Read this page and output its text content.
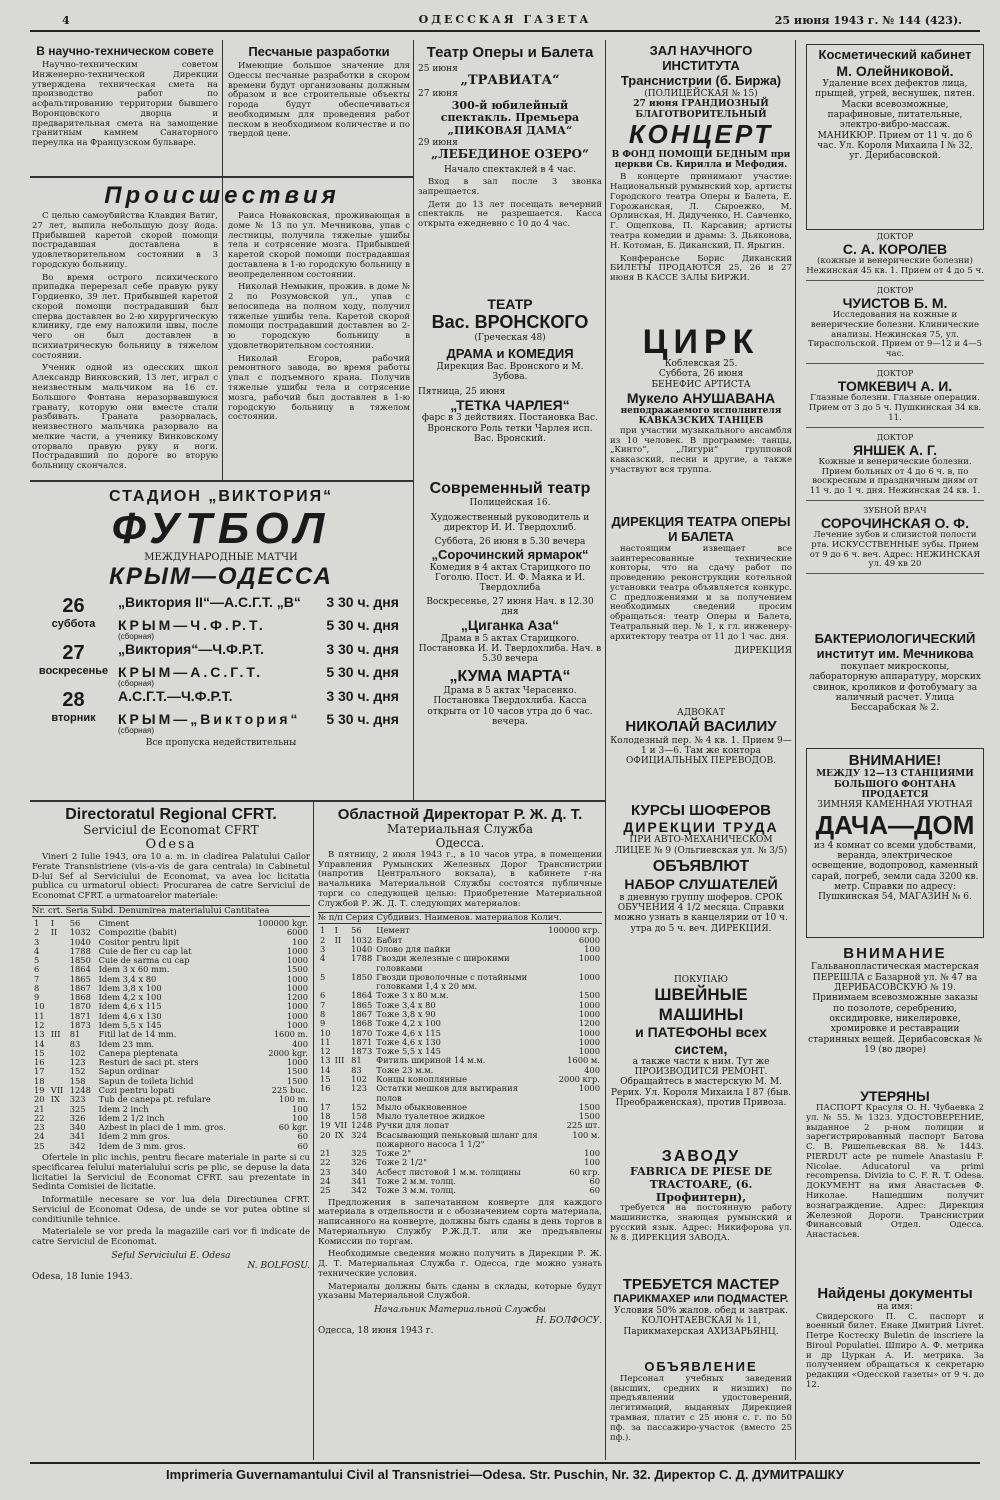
4	ОДЕССКАЯ ГАЗЕТА	25 июня 1943 г. № 144 (423).
В научно-техническом совете

Научно-техническим советом Инженерно-технической Дирекции утверждена техническая смета на производство работ по асфальтированию территории бывшего Воронцовского дворца и предварительная смета на замощение гранитным камнем Санаторного переулка на Французском бульваре.

Происшествия

С целью самоубийства Клавдия Ватиг, 27 лет, выпила небольшую дозу йода. Прибывшей каретой скорой помощи пострадавшая доставлена в удовлетворительном состоянии в 3 городскую больницу.

Во время острого психического припадка перерезал себе правую руку Гордиенко, 39 лет. Прибывшей каретой скорой помощи пострадавший был сперва доставлен во 2-ю хирургическую клинику, где ему наложили швы, после чего он был доставлен в психиатрическую больницу в тяжелом состоянии.

Ученик одной из одесских школ Александр Винковский, 13 лет, играл с неизвестным мальчиком на 16 ст. Большого Фонтана неразорвавшуюся гранату, которую они вместе стали разбивать. Граната разорвалась, неизвестного мальчика разорвало на мелкие части, а ученику Винковскому оторвало правую руку и ноги. Пострадавший по дороге во вторую больницу скончался.

Песчаные разработки

Имеющие большое значение для Одессы песчаные разработки в скором времени будут организованы должным образом и все строительные объекты города будут обеспечиваться необходимым для проведения работ песком в необходимом количестве и по твердой цене.

Раиса Новаковская, проживающая в доме № 13 по ул. Мечникова, упав с лестницы, получила тяжелые ушибы тела и сотрясение мозга. Прибывшей каретой скорой помощи пострадавшая доставлена в 1-ю городскую больницу в неопределенном состоянии.

Николай Немыкин, прожив. в доме № 2 по Розумовской ул., упав с велосипеда на полном ходу, получил тяжелые ушибы тела. Каретой скорой помощи пострадавший доставлен во 2-ю городскую больницу в удовлетворительном состоянии.

Николай Егоров, рабочий ремонтного завода, во время работы упал с подъемного крана. Получив тяжелые ушибы тела и сотрясение мозга, рабочий был доставлен в 1-ю городскую больницу в тяжелом состоянии.

СТАДИОН „ВИКТОРИЯ“
ФУТБОЛ
МЕЖДУНАРОДНЫЕ МАТЧИ
КРЫМ—ОДЕССА
26	„Виктория II“—А.С.Г.Т. „В“	3 30 ч. дня
суббота	КРЫМ—Ч.Ф.Р.Т.	5 30 ч. дня
	(сборная)	
27	„Виктория“—Ч.Ф.Р.Т.	3 30 ч. дня
воскресенье	КРЫМ—А.С.Г.Т.	5 30 ч. дня
	(сборная)	
28	А.С.Г.Т.—Ч.Ф.Р.Т.	3 30 ч. дня
вторник	КРЫМ—„Виктория“	5 30 ч. дня
	(сборная)	
Все пропуска недействительны
Театр Оперы и Балета
25 июня
„ТРАВИАТА“
27 июня
300-й юбилейный спектакль. Премьера „ПИКОВАЯ ДАМА“
29 июня
„ЛЕБЕДИНОЕ ОЗЕРО“
Начало спектаклей в 4 час.

Вход в зал после 3 звонка запрещается.

Дети до 13 лет посещать вечерний спектакль не разрешается. Касса открыта ежедневно с 10 до 4 час.

ТЕАТР
Вас. ВРОНСКОГО
(Греческая 48)
ДРАМА и КОМЕДИЯ
Дирекция Вас. Вронского и М. Зубова.
Пятница, 25 июня
„ТЕТКА ЧАРЛЕЯ“
фарс в 3 действиях. Постановка Вас. Вронского Роль тетки Чарлея исп. Вас. Вронский.
Современный театр
Полицейская 16.
Художественный руководитель и директор И. И. Твердохлиб.
Суббота, 26 июня в 5.30 вечера
„Сорочинский ярмарок“
Комедия в 4 актах Старицкого по Гоголю. Пост. И. Ф. Маяка и И. Твердохлиба
Воскресенье, 27 июня Нач. в 12.30 дня
„Циганка Аза“
Драма в 5 актах Старицкого. Постановка И. И. Твердохлиба. Нач. в 5.30 вечера
„КУМА МАРТА“
Драма в 5 актах Черасенко. Постановка Твердохлиба. Касса открыта от 10 часов утра до 6 час. вечера.
ЗАЛ НАУЧНОГО ИНСТИТУТА
Транснистрии (б. Биржа)
(ПОЛИЦЕЙСКАЯ № 15)
27 июня ГРАНДИОЗНЫЙ БЛАГОТВОРИТЕЛЬНЫЙ
КОНЦЕРТ
В ФОНД ПОМОЩИ БЕДНЫМ при церкви Св. Кирилла и Мефодия.

В концерте принимают участие: Национальный румынский хор, артисты Городского театра Оперы и Балета, Е. Горожанская, Л. Сыроежко, М. Орлинская, Н. Дидученко, Н. Савченко, Г. Ощепкова, П. Карсавин; артисты театра комедии и драмы: З. Дьяконова, Н. Котоман, Б. Диканский, П. Ярыгин.

Конферансье Борис Диканский БИЛЕТЫ ПРОДАЮТСЯ 25, 26 и 27 июня В КАССЕ ЗАЛЫ БИРЖИ.

ЦИРК
Коблевская 25.
Суббота, 26 июня
БЕНЕФИС АРТИСТА
Мукело АНУШАВАНА
неподражаемого исполнителя КАВКАЗСКИХ ТАНЦЕВ

при участии музыкального ансамбля из 10 человек. В программе: танцы, „Кинто“, „Лигури“ групповой кавказский, песни и другие, а также участвуют вся труппа.

ДИРЕКЦИЯ ТЕАТРА ОПЕРЫ И БАЛЕТА

настоящим извещает все заинтересованные технические конторы, что на сдачу работ по проведению реконструкции котельной установки театра объявляется конкурс. С предложениями и за получением необходимых сведений просим обращаться: театр Оперы и Балета, Театральный пер. № 1, к гл. инженеру-архитектору театра от 11 до 1 час. дня.

ДИРЕКЦИЯ
АДВОКАТ
НИКОЛАЙ ВАСИЛИУ
Колодезный пер. № 4 кв. 1. Прием 9—1 и 3—6. Там же контора ОФИЦИАЛЬНЫХ ПЕРЕВОДОВ.
КУРСЫ ШОФЕРОВ
ДИРЕКЦИИ ТРУДА
ПРИ АВТО-МЕХАНИЧЕСКОМ ЛИЦЕЕ № 9 (Ольгиевская ул. № 3/5)
ОБЪЯВЛЮТ
НАБОР СЛУШАТЕЛЕЙ
в дневную группу шоферов. СРОК ОБУЧЕНИЯ 4 1/2 месяца. Справки можно узнать в канцелярии от 10 ч. утра до 5 ч. веч. ДИРЕКЦИЯ.
ПОКУПАЮ
ШВЕЙНЫЕ МАШИНЫ
и ПАТЕФОНЫ всех систем,
а также части к ним. Тут же ПРОИЗВОДИТСЯ РЕМОНТ. Обращайтесь в мастерскую М. М. Рерих. Ул. Короля Михаила I 87 (быв. Преображенская), против Привоза.
ЗАВОДУ
FABRICA DE PIESE DE TRACTOARE, (6. Профинтерн),

требуется на постоянную работу машинистка, знающая румынский и русский язык. Адрес: Никифорова ул. № 8. ДИРЕКЦИЯ ЗАВОДА.

ТРЕБУЕТСЯ МАСТЕР
ПАРИКМАХЕР или ПОДМАСТЕР.
Условия 50% жалов. обед и завтрак. КОЛОНТАЕВСКАЯ № 11, Парикмахерская АХИЗАРЬЯНЦ.
ОБЪЯВЛЕНИЕ

Персонал учебных заведений (высших, средних и низших) по предъявлении удостоверений, легитимаций, выданных Дирекцией трамвая, платит с 25 июня с. г. по 50 пф. за пассажиро-участок (вместо 25 пф.).

Косметический кабинет
М. Олейниковой.
Удаление всех дефектов лица, прыщей, угрей, веснушек, пятен. Маски всевозможные, парафиновые, питательные, электро-вибро-массаж. МАНИКЮР. Прием от 11 ч. до 6 час. Ул. Короля Михаила I № 32, уг. Дерибасовской.
ДОКТОР
С. А. КОРОЛЕВ
(кожные и венерические болезни) Нежинская 45 кв. 1. Прием от 4 до 5 ч.
ДОКТОР
ЧУИСТОВ Б. М.
Исследования на кожные и венерические болезни. Клинические анализы. Нежинская 75, ул. Тираспольской. Прием от 9—12 и 4—5 час.
ДОКТОР
ТОМКЕВИЧ А. И.
Глазные болезни. Глазные операции. Прием от 3 до 5 ч. Пушкинская 34 кв. 11.
ДОКТОР
ЯНШЕК А. Г.
Кожные и венерические болезни. Прием больных от 4 до 6 ч. в, по воскресным и праздничным дням от 11 ч. до 1 ч. дня. Нежинская 24 кв. 1.
ЗУБНОЙ ВРАЧ
СОРОЧИНСКАЯ О. Ф.
Лечение зубов и слизистой полости рта. ИСКУССТВЕННЫЕ зубы. Прием от 9 до 6 ч. веч. Адрес: НЕЖИНСКАЯ ул. 49 кв 20
БАКТЕРИОЛОГИЧЕСКИЙ
институт им. Мечникова
покупает микроскопы, лабораторную аппаратуру, морских свинок, кроликов и фотобумагу за наличный расчет. Улица Бессарабская № 2.
ВНИМАНИЕ!
МЕЖДУ 12—13 СТАНЦИЯМИ БОЛЬШОГО ФОНТАНА ПРОДАЕТСЯ
ЗИМНЯЯ КАМЕННАЯ УЮТНАЯ
ДАЧА—ДОМ
из 4 комнат со всеми удобствами, веранда, электрическое освещение, водопровод, каменный сарай, погреб, земли сада 3200 кв. метр. Справки по адресу: Пушкинская 54, МАГАЗИН № 6.
ВНИМАНИЕ
Гальванопластическая мастерская
ПЕРЕШЛА с Базарной ул. № 47 на ДЕРИБАСОВСКУЮ № 19. Принимаем всевозможные заказы по позолоте, серебрению, оксидировке, никелировке, хромировке и реставрации старинных вещей. Дерибасовская № 19 (во дворе)
УТЕРЯНЫ

ПАСПОРТ Красуля О. Н. Чубаевка 2 ул. № 55. № 1323. УДОСТОВЕРЕНИЕ, выданное 2 р-ном полиции и зарегистрированный паспорт Батова С. В. Ришельевская 88. № 1443. PIERDUT acte pe numele Anastasiu F. Nicolae. Aducatorul va primi recompensa. Divizia to C. F. R. T. Odesa. ДОКУМЕНТ на имя Анастасьев Ф. Николае. Нашедшим получит вознаграждение. Адрес: Дирекция Железной Дороги. Транснистрии Финансовый Отдел. Одесса. Анастасьев.

Найдены документы
на имя:

Свидерского П. С. паспорт и военный билет. Енаке Дмитрий Livret. Петре Костеску Buletin de inscriere la Biroul Populatiei. Шпиро А. Ф. метрика и др Цуркан А. И. метрика. За получением обращаться к секретарю редакции «Одесской газеты» от 9 ч. до 12.

Directoratul Regional CFRT.
Serviciul de Economat CFRT
Odesa

Vineri 2 Iulie 1943, ora 10 a. m. in cladirea Palatului Cailor Ferate Transnistriene (vis-a-vis de gara centrala) in Cabinetul D-lui Sef al Serviciului de Economat, va avea loc licitatia publica cu urmatorul obiect: Procurarea de catre Serviciul de Economat CFRT. a urmatoarelor materiale:

Nr. crt. Seria Subd. Denumirea materialului Cantitatea
1	I	56	Ciment	100000 kgr.
2	II	1032	Compozitie (babit)	6000
3		1040	Cositor pentru lipit	100
4		1788	Cuie de fier cu cap lat	1000
5		1850	Cuie de sarma cu cap	1000
6		1864	Idem 3 x 60 mm.	1500
7		1865	Idem 3,4 x 80	1000
8		1867	Idem 3,8 x 100	1000
9		1868	Idem 4,2 x 100	1200
10		1870	Idem 4,6 x 115	1000
11		1871	Idem 4,6 x 130	1000
12		1873	Idem 5,5 x 145	1000
13	III	81	Fitil lat de 14 mm.	1600 m.
14		83	Idem 23 mm.	400
15		102	Canepa pieptenata	2000 kgr.
16		123	Resturi de saci pt. sters	1000
17		152	Sapun ordinar	1500
18		158	Sapun de toileta lichid	1500
19	VII	1248	Cozi pentru lopati	225 buc.
20	IX	323	Tub de canepa pt. refulare	100 m.
21		325	Idem 2 inch	100
22		326	Idem 2 1/2 inch	100
23		340	Azbest in placi de 1 mm. gros.	60 kgr.
24		341	Idem 2 mm gros.	60
25		342	Idem de 3 mm. gros.	60

Ofertele in plic inchis, pentru fiecare materiale in parte si cu specificarea felului materialului scris pe plic, se depuse la data licitatiei la Serviciul de Economat CFRT. sau prezentate in Sedinta Comisiei de licitatie.

Informatiile necesare se vor lua dela Directiunea CFRT. Serviciul de Economat Odesa, de unde se vor putea obtine si conditiunile tehnice.

Materialele se vor preda la magaziile cari vor fi indicate de catre Serviciul de Economat.

Seful Serviciului E. Odesa
N. BOLFOSU.
Odesa, 18 Iunie 1943.
Областной Директорат Р. Ж. Д. Т.
Материальная Служба
Одесса.

В пятницу, 2 июля 1943 г., в 10 часов утра, в помещении Управления Румынских Железных Дорог Транснистрии (напротив Центрального вокзала), в кабинете г-на начальника Материальной Службы состоятся публичные торги со следующей целью: Приобретение Материальной Службой Р. Ж. Д. Т. следующих материалов:

№ п/п Серия Субдивиз. Наименов. материалов Колич.
1	I	56	Цемент	100000 кгр.
2	II	1032	Бабит	6000
3		1040	Олово для пайки	100
4		1788	Гвозди железные с широкими головками	1000
5		1850	Гвозди проволочные с потайными головками 1,4 x 20 мм.	1000
6		1864	Тоже 3 x 80 м.м.	1500
7		1865	Тоже 3,4 x 80	1000
8		1867	Тоже 3,8 x 90	1000
9		1868	Тоже 4,2 x 100	1200
10		1870	Тоже 4,6 x 115	1000
11		1871	Тоже 4,6 x 130	1000
12		1873	Тоже 5,5 x 145	1000
13	III	81	Фитиль шириной 14 м.м.	1600 м.
14		83	Тоже 23 м.м.	400
15		102	Концы коноплянные	2000 кгр.
16		123	Остатки мешков для вытирания полов	1000
17		152	Мыло обыкновенное	1500
18		158	Мыло туалетное жидкое	1500
19	VII	1248	Ручки для лопат	225 шт.
20	IX	324	Всасывающий пеньковый шланг для пожарного насоса 1 1/2"	100 м.
21		325	Тоже 2"	100
22		326	Тоже 2 1/2"	100
23		340	Асбест листовой 1 м.м. толщины	60 кгр.
24		341	Тоже 2 м.м. толщ.	60
25		342	Тоже 3 м.м. толщ.	60

Предложения в запечатанном конверте для каждого материала в отдельности и с обозначением сорта материала, написанного на конверте, должны быть сданы в день торгов в Материальную Службу Р.Ж.Д.Т. или же предъявлены Комиссии по торгам.

Необходимые сведения можно получить в Дирекции Р. Ж. Д. Т. Материальная Служба г. Одесса, где можно узнать технические условия.

Материалы должны быть сданы в склады, которые будут указаны Материальной Службой.

Начальник Материальной Службы
Н. БОЛФОСУ.
Одесса, 18 июня 1943 г.
Imprimeria Guvernamantului Civil al Transnistriei—Odesa. Str. Puschin, Nr. 32. Директор С. Д. ДУМИТРАШКУ
